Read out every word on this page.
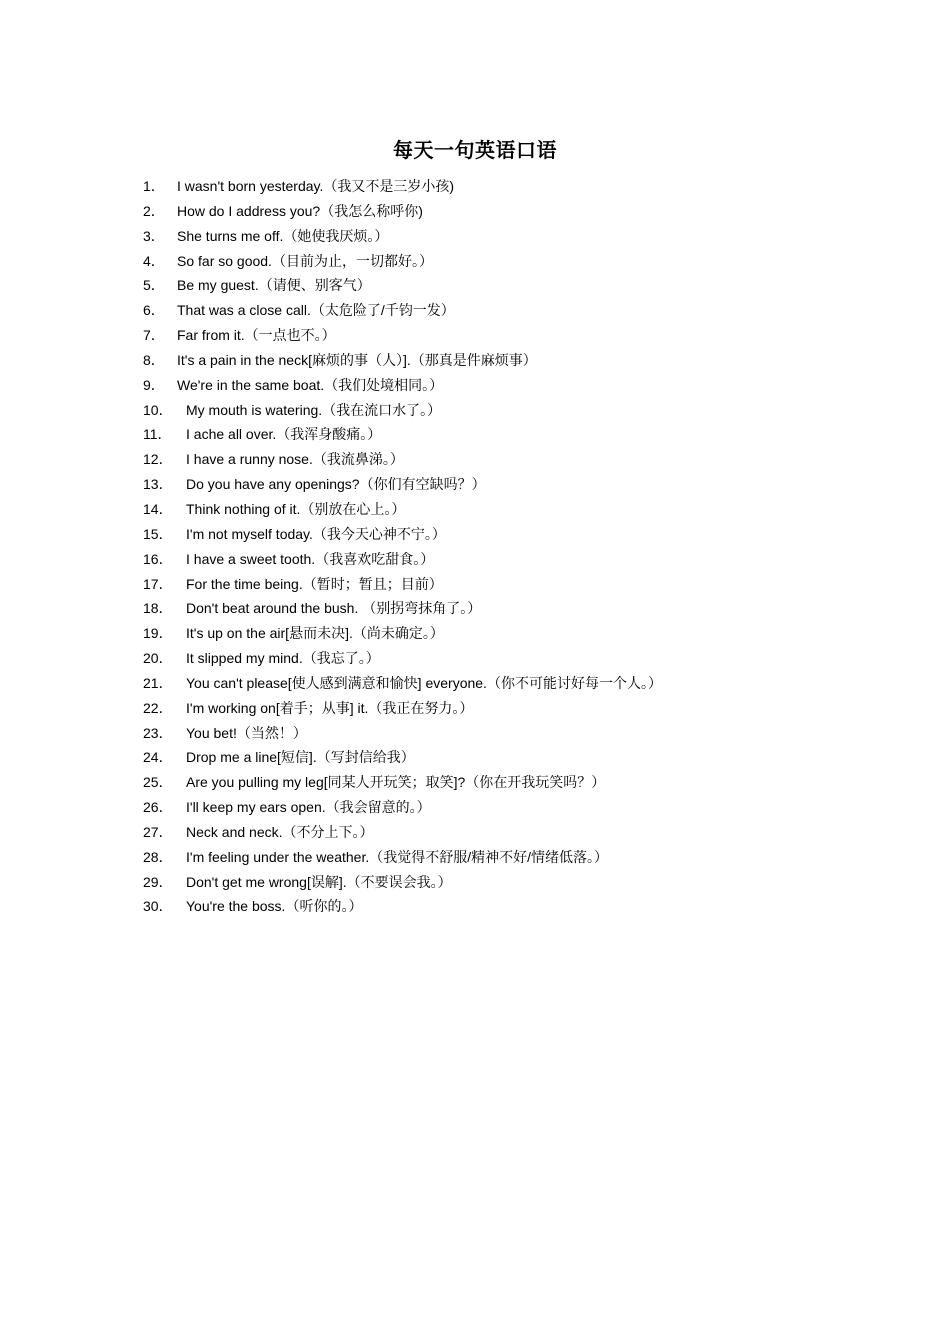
每天一句英语口语
1． I wasn't born yesterday.（我又不是三岁小孩)
2． How do I address you?（我怎么称呼你)
3． She turns me off.（她使我厌烦。）
4． So far so good.（目前为止，一切都好。）
5． Be my guest.（请便、别客气）
6． That was a close call.（太危险了/千钧一发）
7． Far from it.（一点也不。）
8． It's a pain in the neck[麻烦的事（人）].（那真是件麻烦事）
9． We're in the same boat.（我们处境相同。）
10． My mouth is watering.（我在流口水了。）
11．	I ache all over.（我浑身酸痛。）
12． I have a runny nose.（我流鼻涕。）
13． Do you have any openings?（你们有空缺吗？）
14． Think nothing of it.（别放在心上。）
15． I'm not myself today.（我今天心神不宁。）
16． I have a sweet tooth.（我喜欢吃甜食。）
17． For the time being.（暂时；暂且；目前）
18． Don't beat around the bush. （别拐弯抹角了。）
19． It's up on the air[悬而未决].（尚未确定。）
20． It slipped my mind.（我忘了。）
21． You can't please[使人感到满意和愉快] everyone.（你不可能讨好每一个人。）
22． I'm working on[着手；从事] it.（我正在努力。）
23． You bet!（当然！）
24． Drop me a line[短信].（写封信给我）
25． Are you pulling my leg[同某人开玩笑；取笑]?（你在开我玩笑吗？）
26． I'll keep my ears open.（我会留意的。）
27． Neck and neck.（不分上下。）
28． I'm feeling under the weather.（我觉得不舒服/精神不好/情绪低落。）
29． Don't get me wrong[误解].（不要误会我。）
30． You're the boss.（听你的。）
